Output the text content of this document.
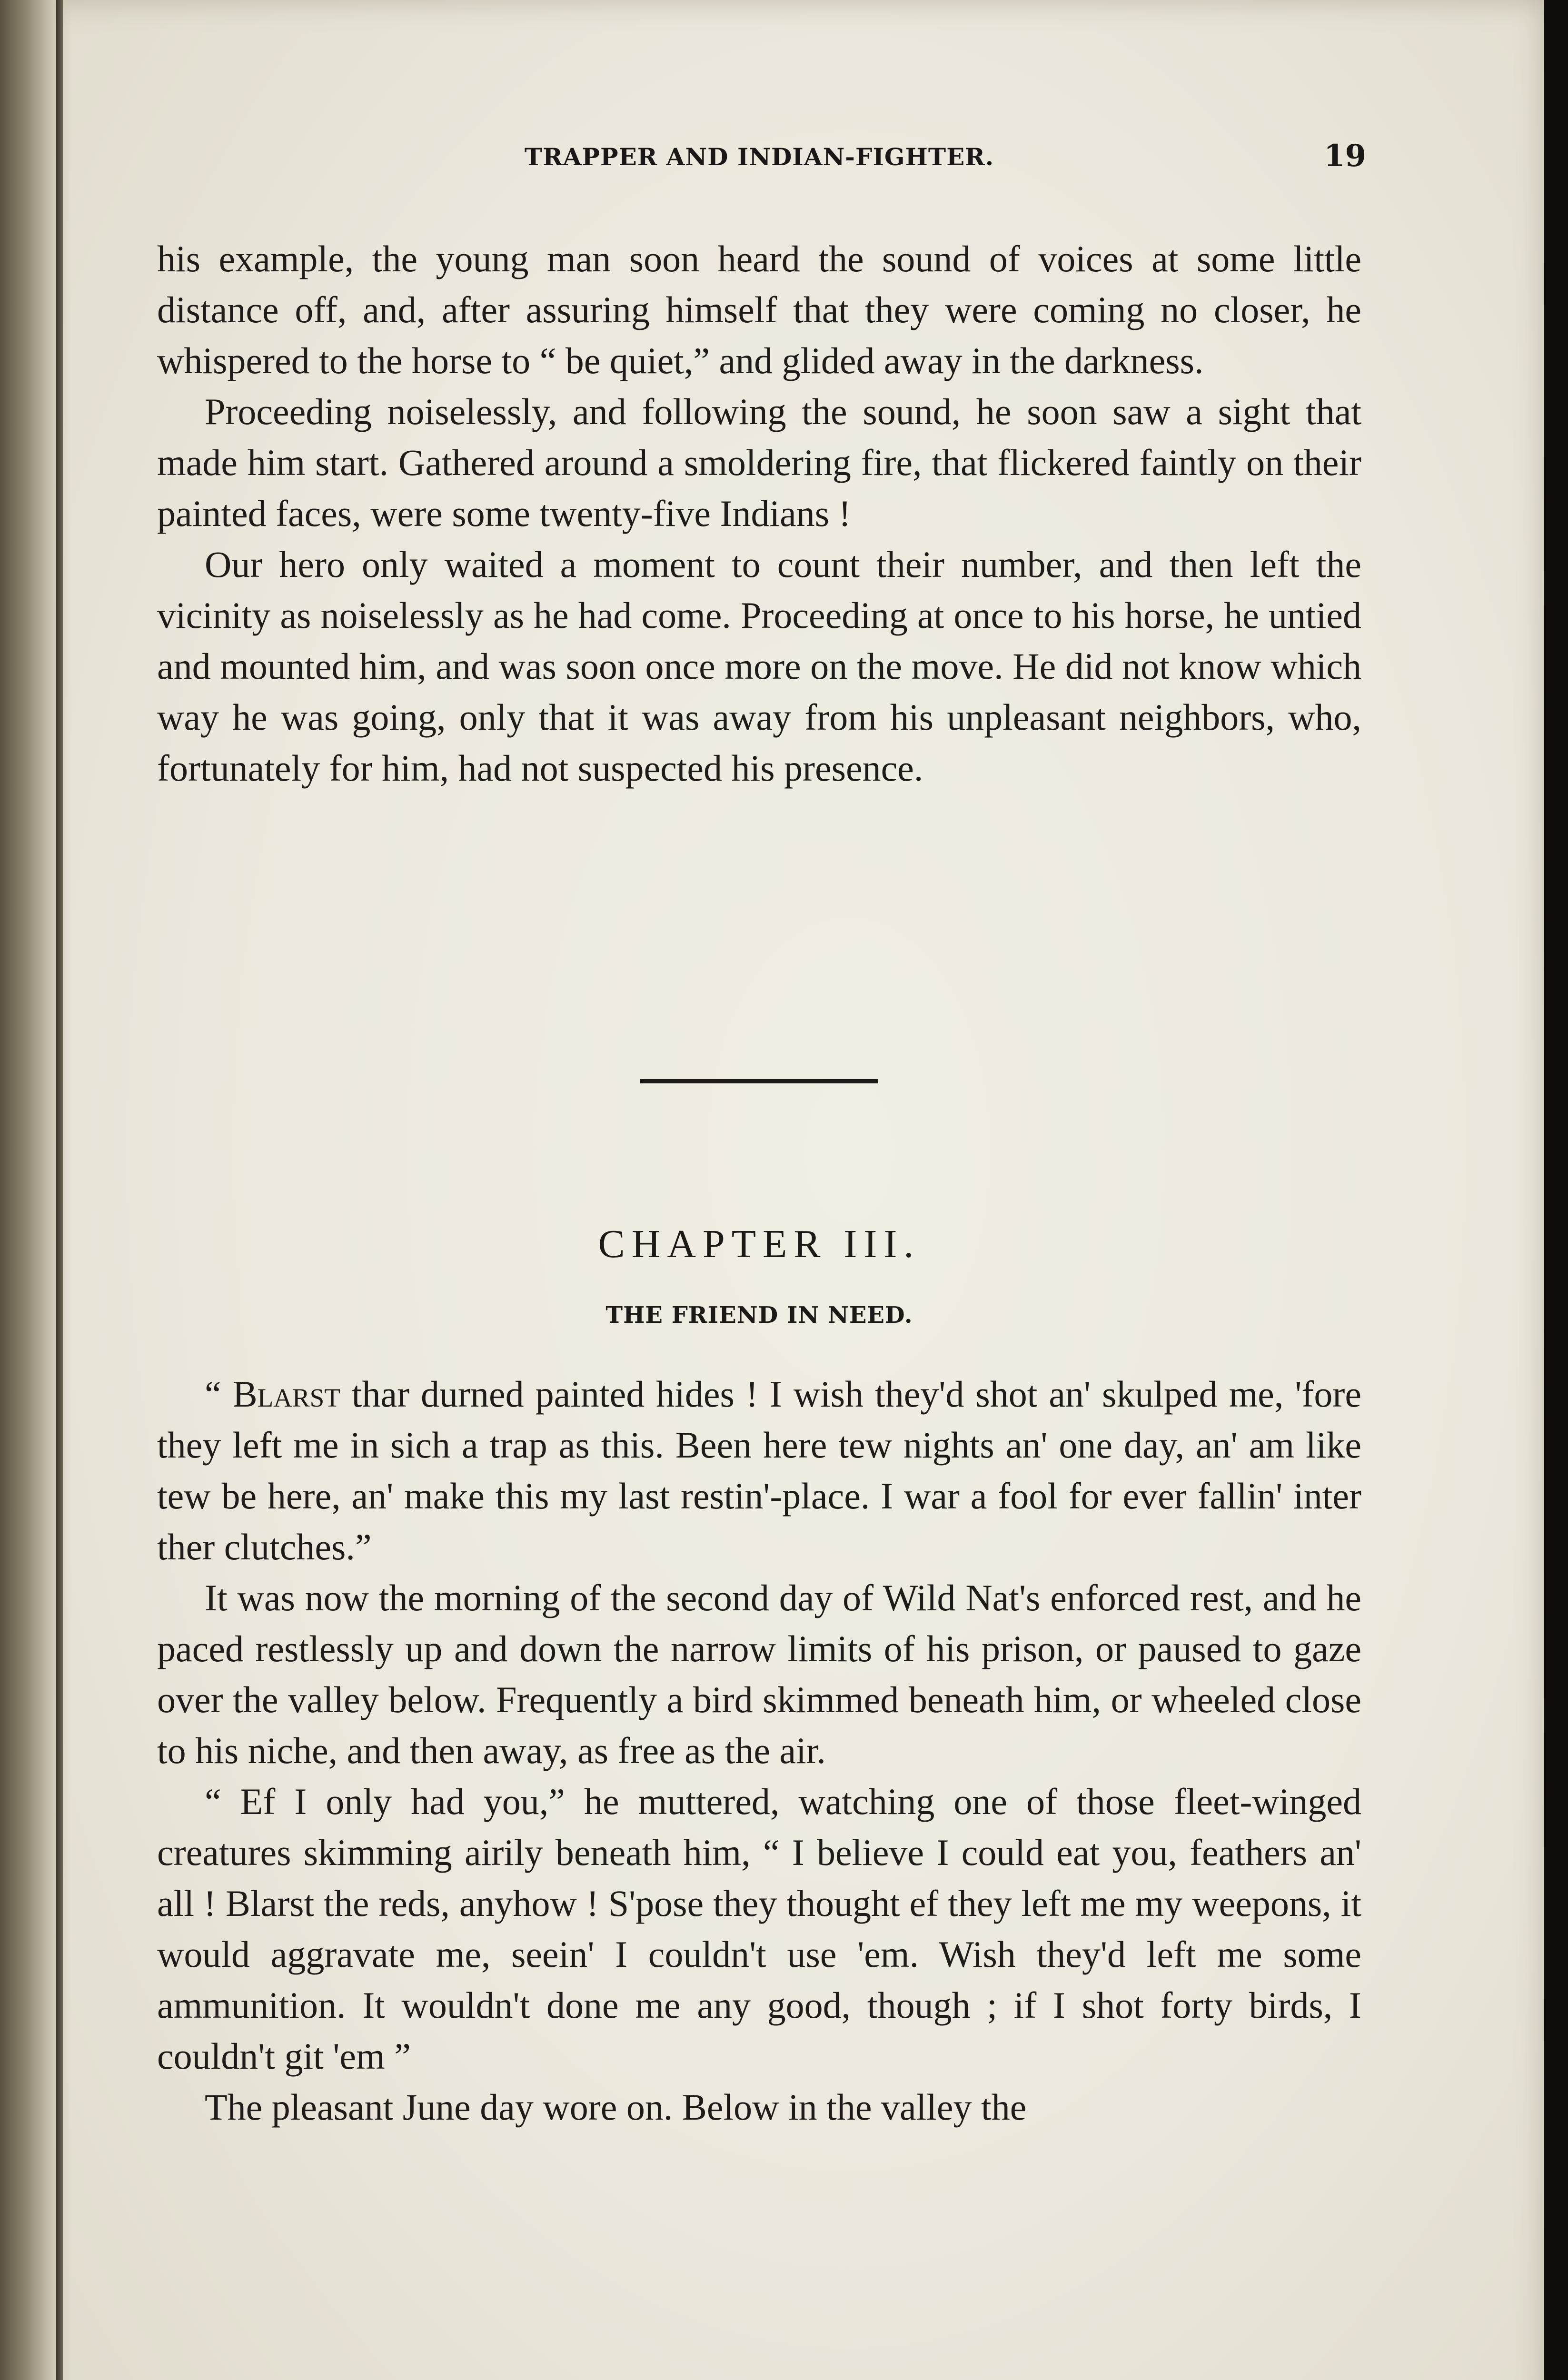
TRAPPER AND INDIAN-FIGHTER.	19

his example, the young man soon heard the sound of voices at some little distance off, and, after assuring himself that they were coming no closer, he whispered to the horse to “ be quiet,” and glided away in the darkness.

Proceeding noiselessly, and following the sound, he soon saw a sight that made him start. Gathered around a smoldering fire, that flickered faintly on their painted faces, were some twenty-five Indians !

Our hero only waited a moment to count their number, and then left the vicinity as noiselessly as he had come. Proceeding at once to his horse, he untied and mounted him, and was soon once more on the move. He did not know which way he was going, only that it was away from his unpleasant neighbors, who, fortunately for him, had not suspected his presence.

CHAPTER III.
THE FRIEND IN NEED.

“ Blarst thar durned painted hides ! I wish they'd shot an' skulped me, 'fore they left me in sich a trap as this. Been here tew nights an' one day, an' am like tew be here, an' make this my last restin'-place. I war a fool for ever fallin' inter ther clutches.”

It was now the morning of the second day of Wild Nat's enforced rest, and he paced restlessly up and down the narrow limits of his prison, or paused to gaze over the valley below. Frequently a bird skimmed beneath him, or wheeled close to his niche, and then away, as free as the air.

“ Ef I only had you,” he muttered, watching one of those fleet-winged creatures skimming airily beneath him, “ I believe I could eat you, feathers an' all ! Blarst the reds, anyhow ! S'pose they thought ef they left me my weepons, it would aggravate me, seein' I couldn't use 'em. Wish they'd left me some ammunition. It wouldn't done me any good, though ; if I shot forty birds, I couldn't git 'em ”

The pleasant June day wore on. Below in the valley the
